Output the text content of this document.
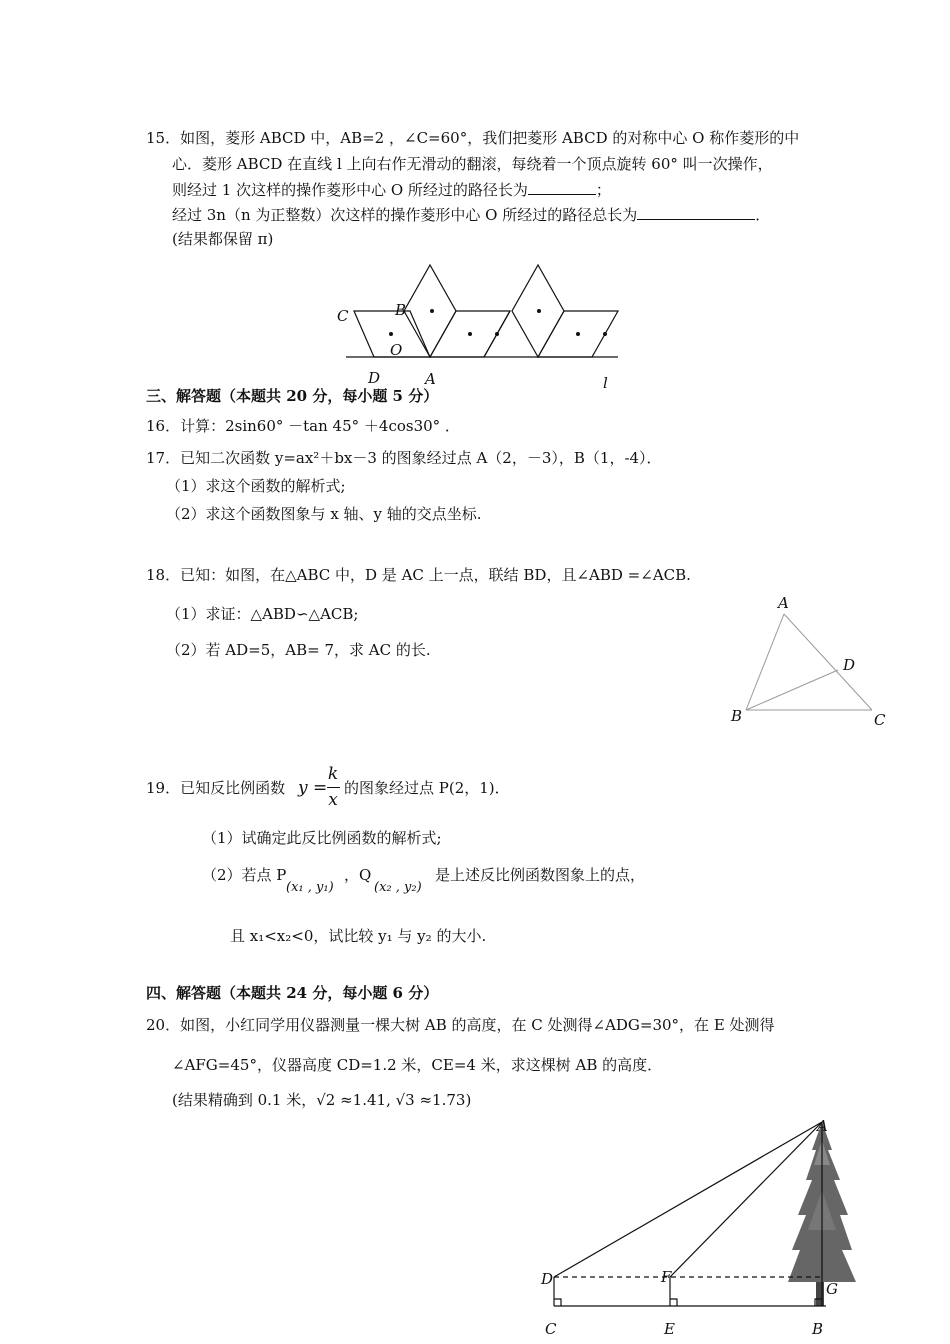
15．如图，菱形 ABCD 中，AB=2 ，∠C=60°，我们把菱形 ABCD 的对称中心 O 称作菱形的中
心．菱形 ABCD 在直线 l 上向右作无滑动的翻滚，每绕着一个顶点旋转 60° 叫一次操作，
则经过 1 次这样的操作菱形中心 O 所经过的路径长为	；
经过 3n（n 为正整数）次这样的操作菱形中心 O 所经过的路径总长为	．
(结果都保留 π)
C	B
O
D	A	l
三、解答题（本题共 20 分，每小题 5 分）
16．计算：2sin60° －tan 45° ＋4cos30° ．
17．已知二次函数 y=ax²＋bx－3 的图象经过点 A（2，－3），B（1，-4）．
（1）求这个函数的解析式;
（2）求这个函数图象与 x 轴、y 轴的交点坐标.
18．已知：如图，在△ABC 中，D 是 AC 上一点，联结 BD，且∠ABD =∠ACB.
（1）求证：△ABD∽△ACB;
（2）若 AD=5，AB= 7，求 AC 的长.
A
D
B	C
19．已知反比例函数 y =
k
x
的图象经过点 P(2，1)．
（1）试确定此反比例函数的解析式;
（2）若点 P
(x₁ , y₁)
，Q
(x₂ , y₂)
是上述反比例函数图象上的点，
且 x₁<x₂<0，试比较 y₁ 与 y₂ 的大小.
四、解答题（本题共 24 分，每小题 6 分）
20．如图，小红同学用仪器测量一棵大树 AB 的高度，在 C 处测得∠ADG=30°，在 E 处测得
∠AFG=45°，仪器高度 CD=1.2 米，CE=4 米，求这棵树 AB 的高度．
(结果精确到 0.1 米，√2 ≈1.41, √3 ≈1.73)
A
D	F
G
C	E	B
